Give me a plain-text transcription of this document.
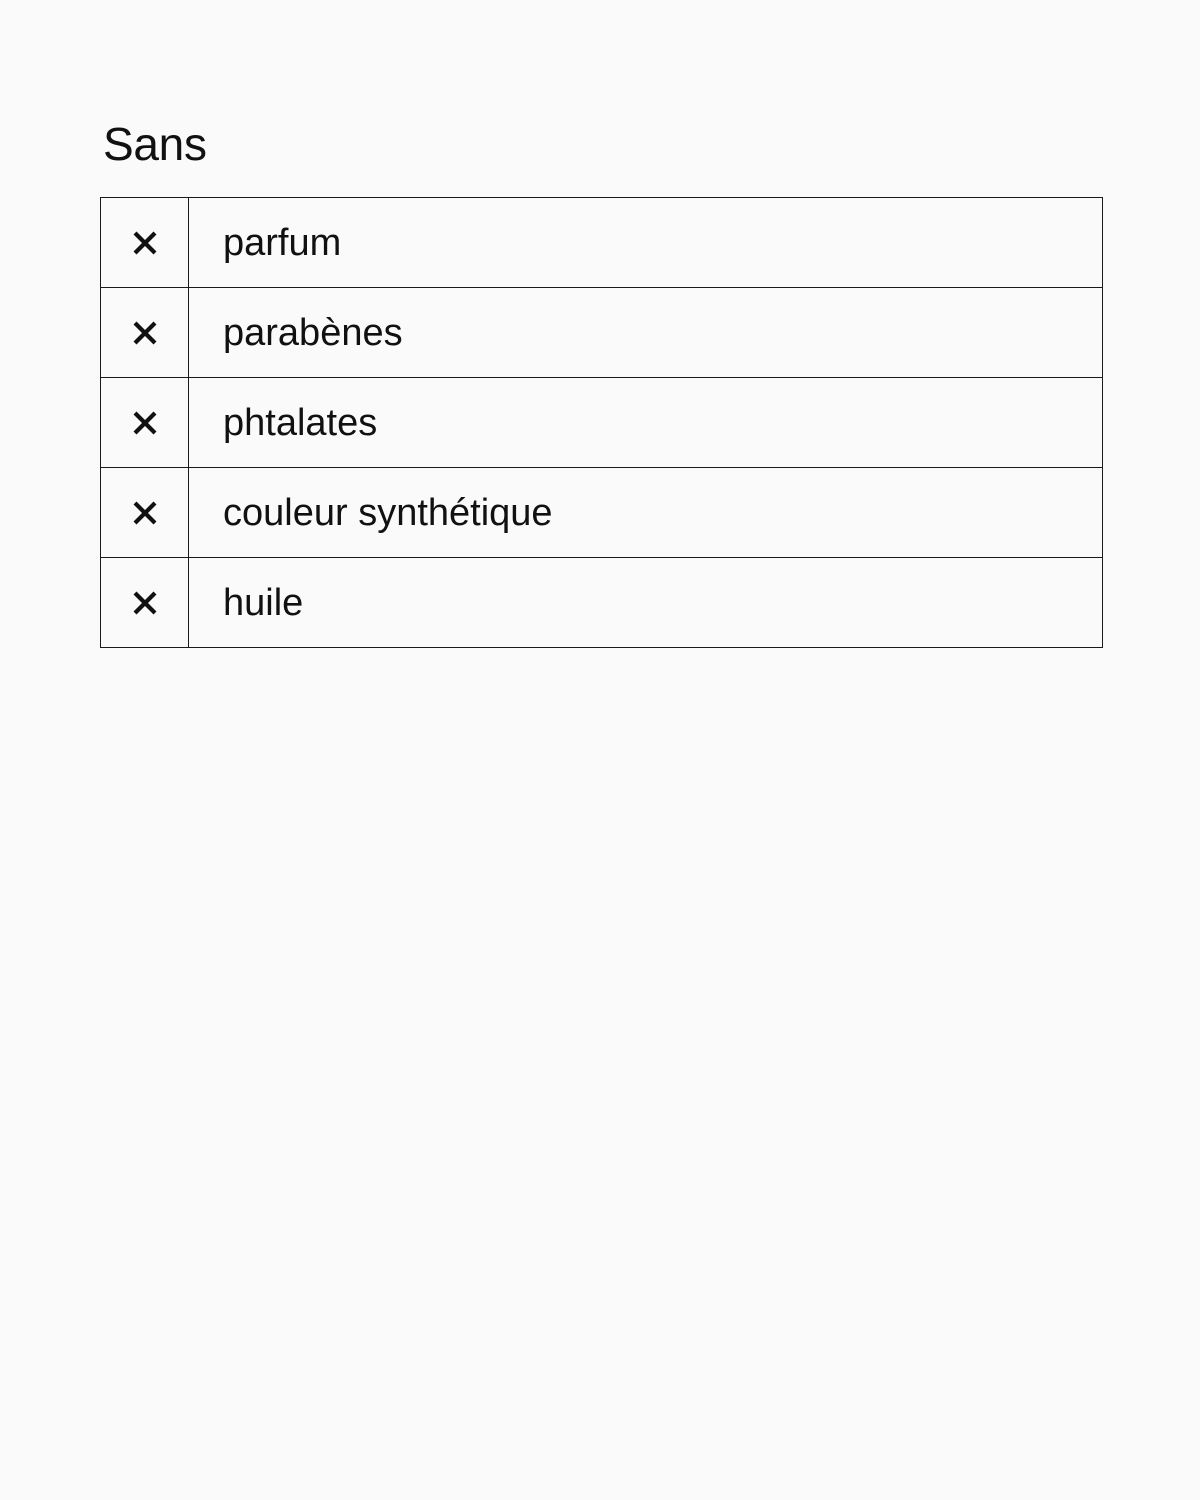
Sans
	parfum

	parabènes

	phtalates

	couleur synthétique

	huile
